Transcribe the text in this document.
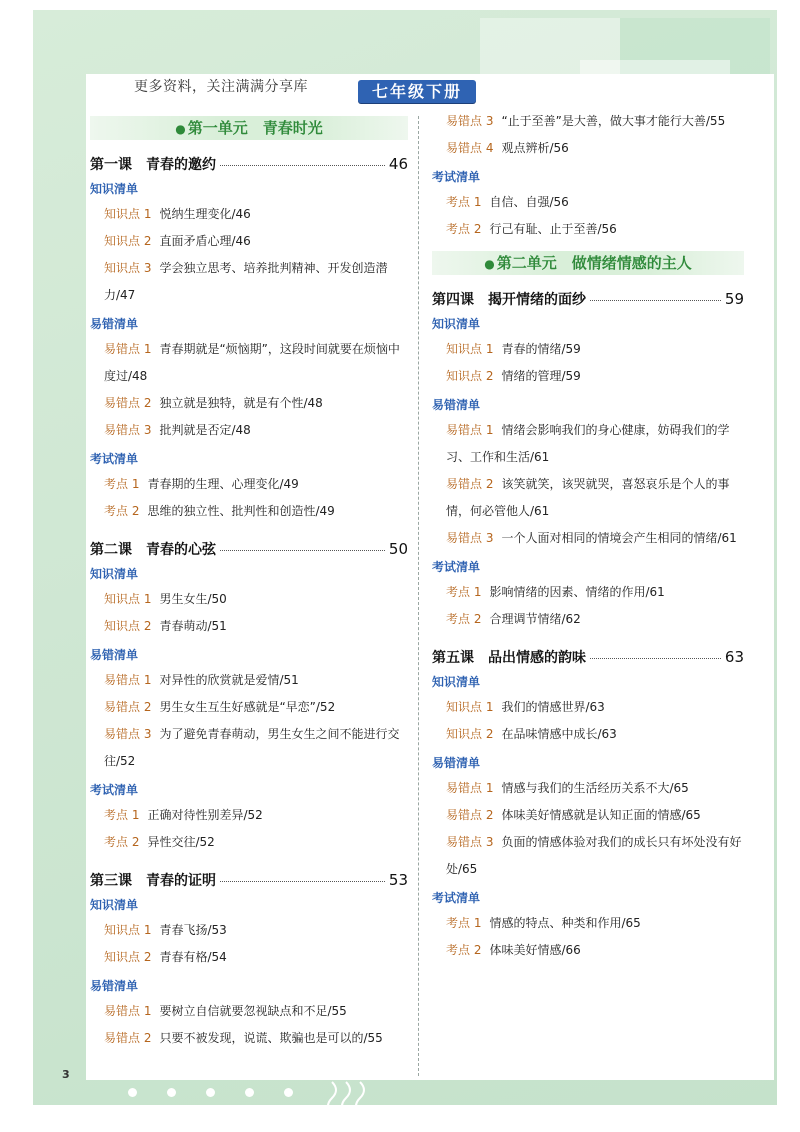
更多资料，关注满满分享库	七年级下册
● 第一单元　青春时光
第一课　青春的邀约	46
知识清单
知识点 1 悦纳生理变化/46
知识点 2 直面矛盾心理/46
知识点 3 学会独立思考、培养批判精神、开发创造潜力/47
易错清单
易错点 1 青春期就是“烦恼期”，这段时间就要在烦恼中度过/48
易错点 2 独立就是独特，就是有个性/48
易错点 3 批判就是否定/48
考试清单
考点 1 青春期的生理、心理变化/49
考点 2 思维的独立性、批判性和创造性/49
第二课　青春的心弦	50
知识清单
知识点 1 男生女生/50
知识点 2 青春萌动/51
易错清单
易错点 1 对异性的欣赏就是爱情/51
易错点 2 男生女生互生好感就是“早恋”/52
易错点 3 为了避免青春萌动，男生女生之间不能进行交往/52
考试清单
考点 1 正确对待性别差异/52
考点 2 异性交往/52
第三课　青春的证明	53
知识清单
知识点 1 青春飞扬/53
知识点 2 青春有格/54
易错清单
易错点 1 要树立自信就要忽视缺点和不足/55
易错点 2 只要不被发现，说谎、欺骗也是可以的/55
易错点 3 “止于至善”是大善，做大事才能行大善/55
易错点 4 观点辨析/56
考试清单
考点 1 自信、自强/56
考点 2 行己有耻、止于至善/56
● 第二单元　做情绪情感的主人
第四课　揭开情绪的面纱	59
知识清单
知识点 1 青春的情绪/59
知识点 2 情绪的管理/59
易错清单
易错点 1 情绪会影响我们的身心健康，妨碍我们的学习、工作和生活/61
易错点 2 该笑就笑，该哭就哭，喜怒哀乐是个人的事情，何必管他人/61
易错点 3 一个人面对相同的情境会产生相同的情绪/61
考试清单
考点 1 影响情绪的因素、情绪的作用/61
考点 2 合理调节情绪/62
第五课　品出情感的韵味	63
知识清单
知识点 1 我们的情感世界/63
知识点 2 在品味情感中成长/63
易错清单
易错点 1 情感与我们的生活经历关系不大/65
易错点 2 体味美好情感就是认知正面的情感/65
易错点 3 负面的情感体验对我们的成长只有坏处没有好处/65
考试清单
考点 1 情感的特点、种类和作用/65
考点 2 体味美好情感/66
3
